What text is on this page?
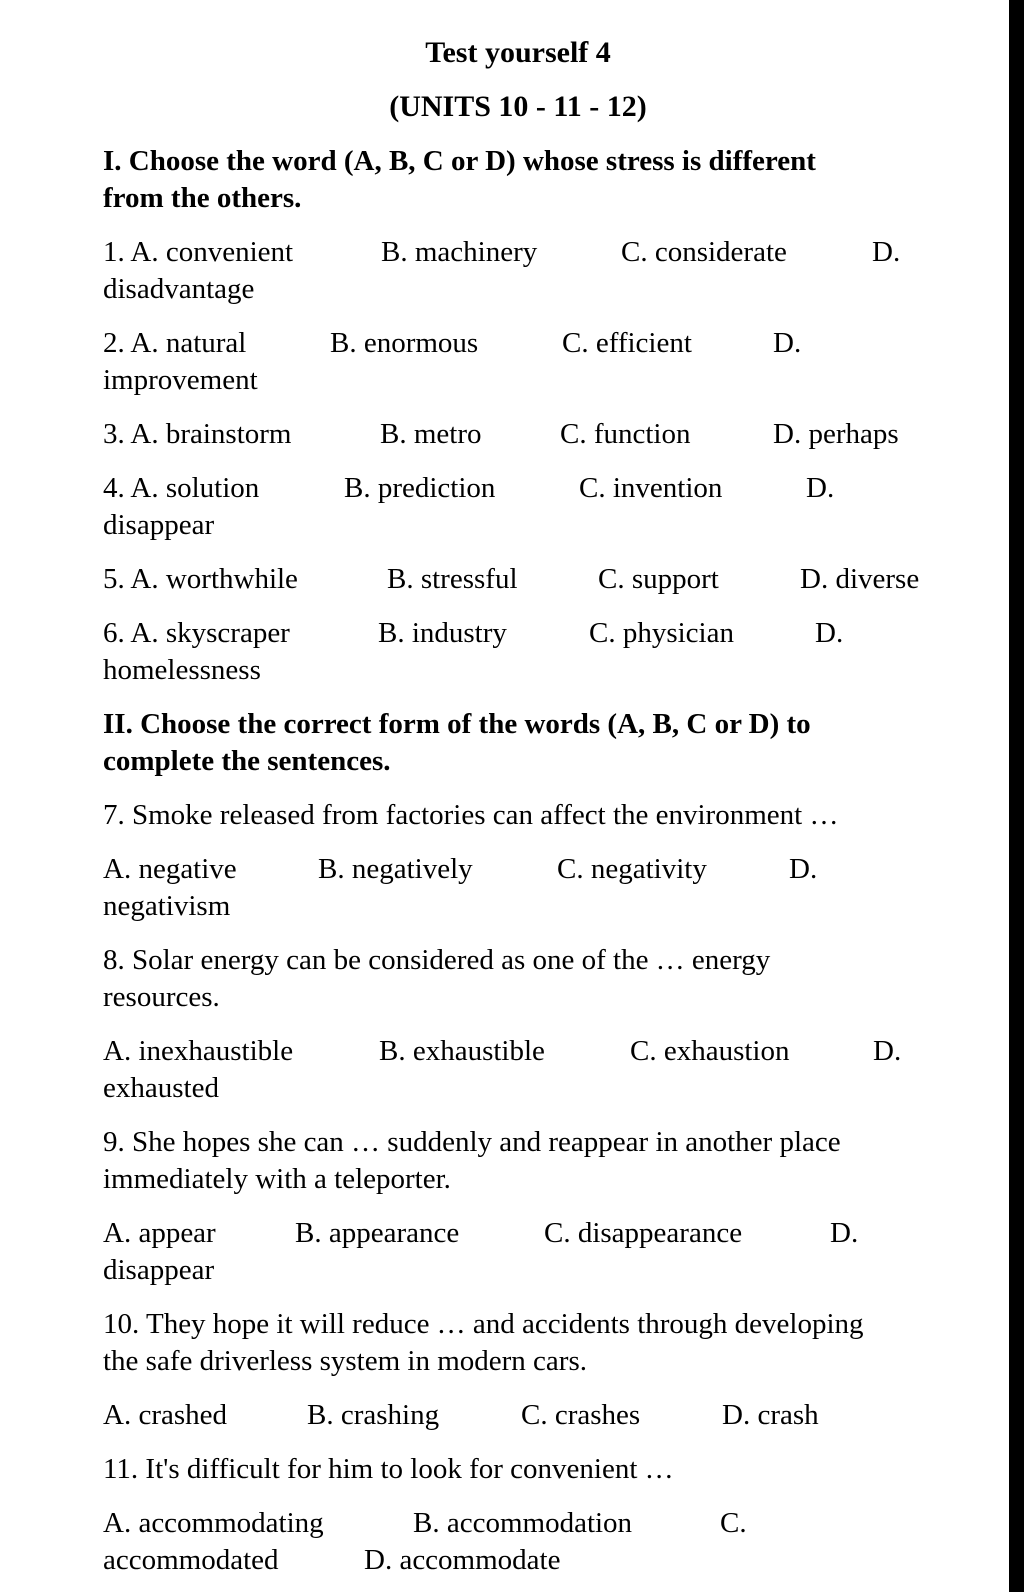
Test yourself 4
(UNITS 10 - 11 - 12)
I. Choose the word (A, B, C or D) whose stress is different
from the others.
1. A. convenient	B. machinery	C. considerate	D.
disadvantage
2. A. natural	B. enormous	C. efficient	D.
improvement
3. A. brainstorm	B. metro	C. function	D. perhaps
4. A. solution	B. prediction	C. invention	D.
disappear
5. A. worthwhile	B. stressful	C. support	D. diverse
6. A. skyscraper	B. industry	C. physician	D.
homelessness
II. Choose the correct form of the words (A, B, C or D) to
complete the sentences.
7. Smoke released from factories can affect the environment …
A. negative	B. negatively	C. negativity	D.
negativism
8. Solar energy can be considered as one of the … energy
resources.
A. inexhaustible	B. exhaustible	C. exhaustion	D.
exhausted
9. She hopes she can … suddenly and reappear in another place
immediately with a teleporter.
A. appear	B. appearance	C. disappearance	D.
disappear
10. They hope it will reduce … and accidents through developing
the safe driverless system in modern cars.
A. crashed	B. crashing	C. crashes	D. crash
11. It's difficult for him to look for convenient …
A. accommodating	B. accommodation	C.
accommodated	D. accommodate
